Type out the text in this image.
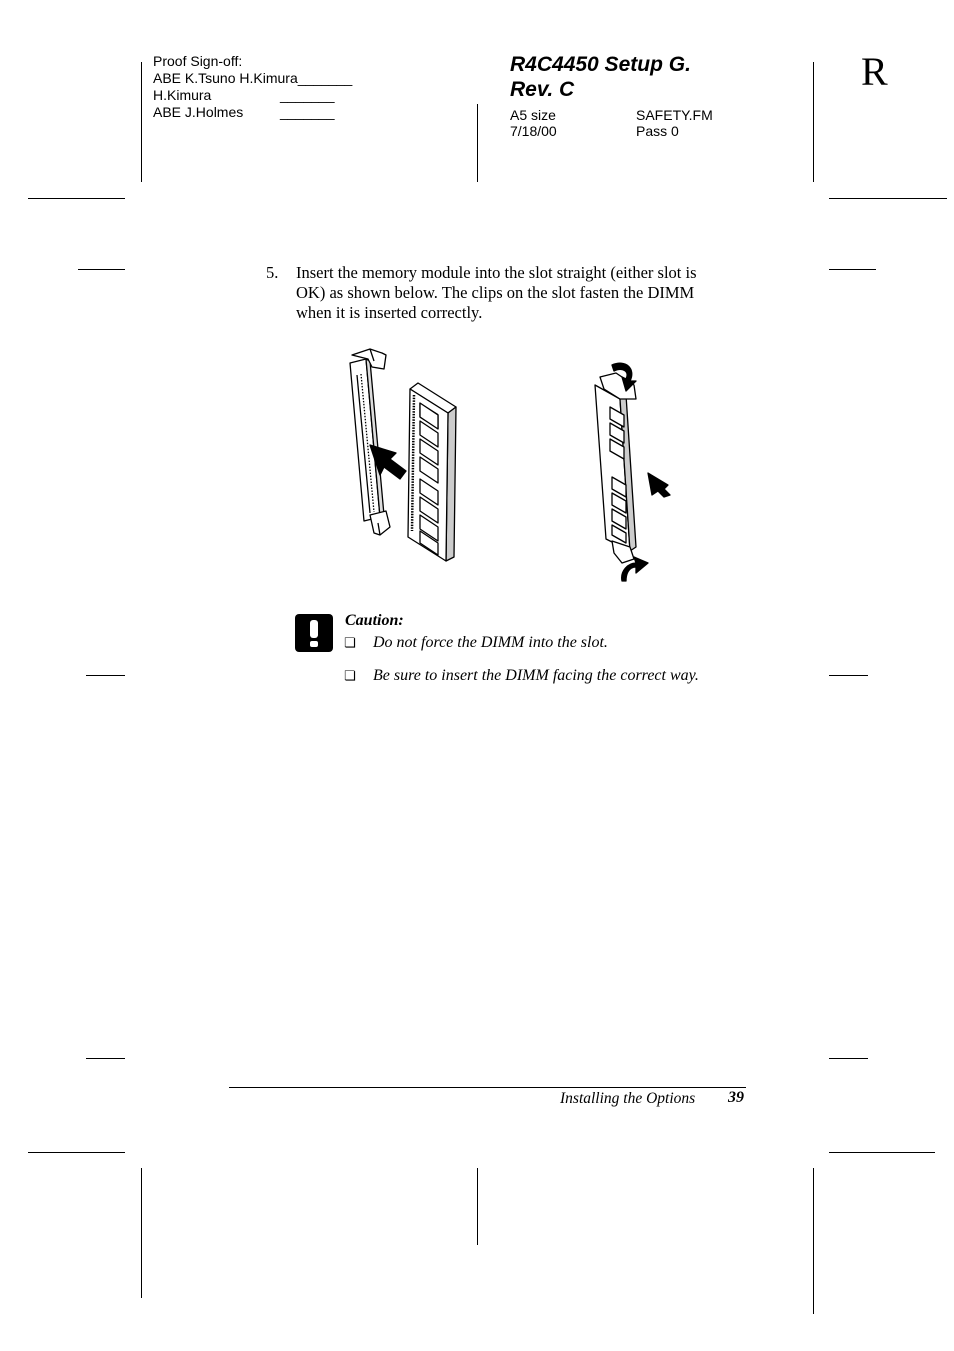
Proof Sign-off:
ABE K.Tsuno H.Kimura_______
H.Kimura	_______
ABE J.Holmes	_______
R4C4450 Setup G.
Rev. C
A5 size	SAFETY.FM
7/18/00	Pass 0
R
5. Insert the memory module into the slot straight (either slot is
OK) as shown below. The clips on the slot fasten the DIMM
when it is inserted correctly.
Caution:
❏ Do not force the DIMM into the slot.
❏ Be sure to insert the DIMM facing the correct way.
Installing the Options 39
